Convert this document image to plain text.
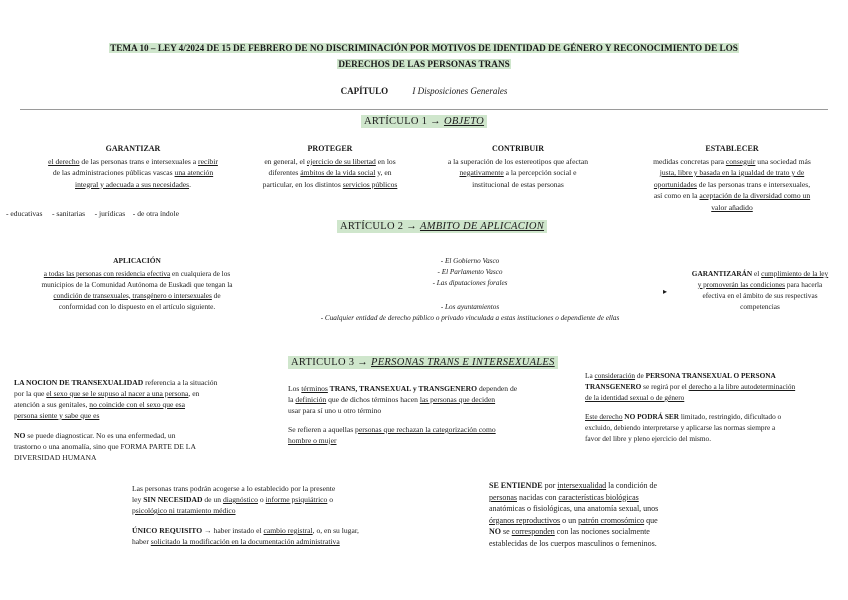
TEMA 10 – LEY 4/2024 DE 15 DE FEBRERO DE NO DISCRIMINACIÓN POR MOTIVOS DE IDENTIDAD DE GÉNERO Y RECONOCIMIENTO DE LOS
DERECHOS DE LAS PERSONAS TRANS
CAPÍTULO	I Disposiciones Generales
ARTÍCULO 1 → OBJETO
GARANTIZAR
el derecho de las personas trans e intersexuales a recibir
de las administraciones públicas vascas una atención
integral y adecuada a sus necesidades.
PROTEGER
en general, el ejercicio de su libertad en los
diferentes ámbitos de la vida social y, en
particular, en los distintos servicios públicos
CONTRIBUIR
a la superación de los estereotipos que afectan
negativamente a la percepción social e
institucional de estas personas
ESTABLECER
medidas concretas para conseguir una sociedad más
justa, libre y basada en la igualdad de trato y de
oportunidades de las personas trans e intersexuales,
así como en la aceptación de la diversidad como un
valor añadido
- educativas - sanitarias - jurídicas - de otra índole
ARTÍCULO 2 → AMBITO DE APLICACION
APLICACIÓN
a todas las personas con residencia efectiva en cualquiera de los
municipios de la Comunidad Autónoma de Euskadi que tengan la
condición de transexuales, transgénero o intersexuales de
conformidad con lo dispuesto en el artículo siguiente.
- El Gobierno Vasco
- El Parlamento Vasco
- Las diputaciones forales
- Los ayuntamientos
- Cualquier entidad de derecho público o privado vinculada a estas instituciones o dependiente de ellas
▸
GARANTIZARÁN el cumplimiento de la ley
y promoverán las condiciones para hacerla
efectiva en el ámbito de sus respectivas
competencias
ARTICULO 3 → PERSONAS TRANS E INTERSEXUALES
LA NOCION DE TRANSEXUALIDAD referencia a la situación
por la que el sexo que se le supuso al nacer a una persona, en
atención a sus genitales, no coincide con el sexo que esa
persona siente y sabe que es
NO se puede diagnosticar. No es una enfermedad, un
trastorno o una anomalía, sino que FORMA PARTE DE LA
DIVERSIDAD HUMANA
Los términos TRANS, TRANSEXUAL y TRANSGENERO dependen de
la definición que de dichos términos hacen las personas que deciden
usar para sí uno u otro término
Se refieren a aquellas personas que rechazan la categorización como
hombre o mujer
La consideración de PERSONA TRANSEXUAL O PERSONA
TRANSGENERO se regirá por el derecho a la libre autodeterminación
de la identidad sexual o de género
Este derecho NO PODRÁ SER limitado, restringido, dificultado o
excluido, debiendo interpretarse y aplicarse las normas siempre a
favor del libre y pleno ejercicio del mismo.
Las personas trans podrán acogerse a lo establecido por la presente
ley SIN NECESIDAD de un diagnóstico o informe psiquiátrico o
psicológico ni tratamiento médico
ÚNICO REQUISITO → haber instado el cambio registral, o, en su lugar,
haber solicitado la modificación en la documentación administrativa
SE ENTIENDE por intersexualidad la condición de
personas nacidas con características biológicas
anatómicas o fisiológicas, una anatomía sexual, unos
órganos reproductivos o un patrón cromosómico que
NO se corresponden con las nociones socialmente
establecidas de los cuerpos masculinos o femeninos.
